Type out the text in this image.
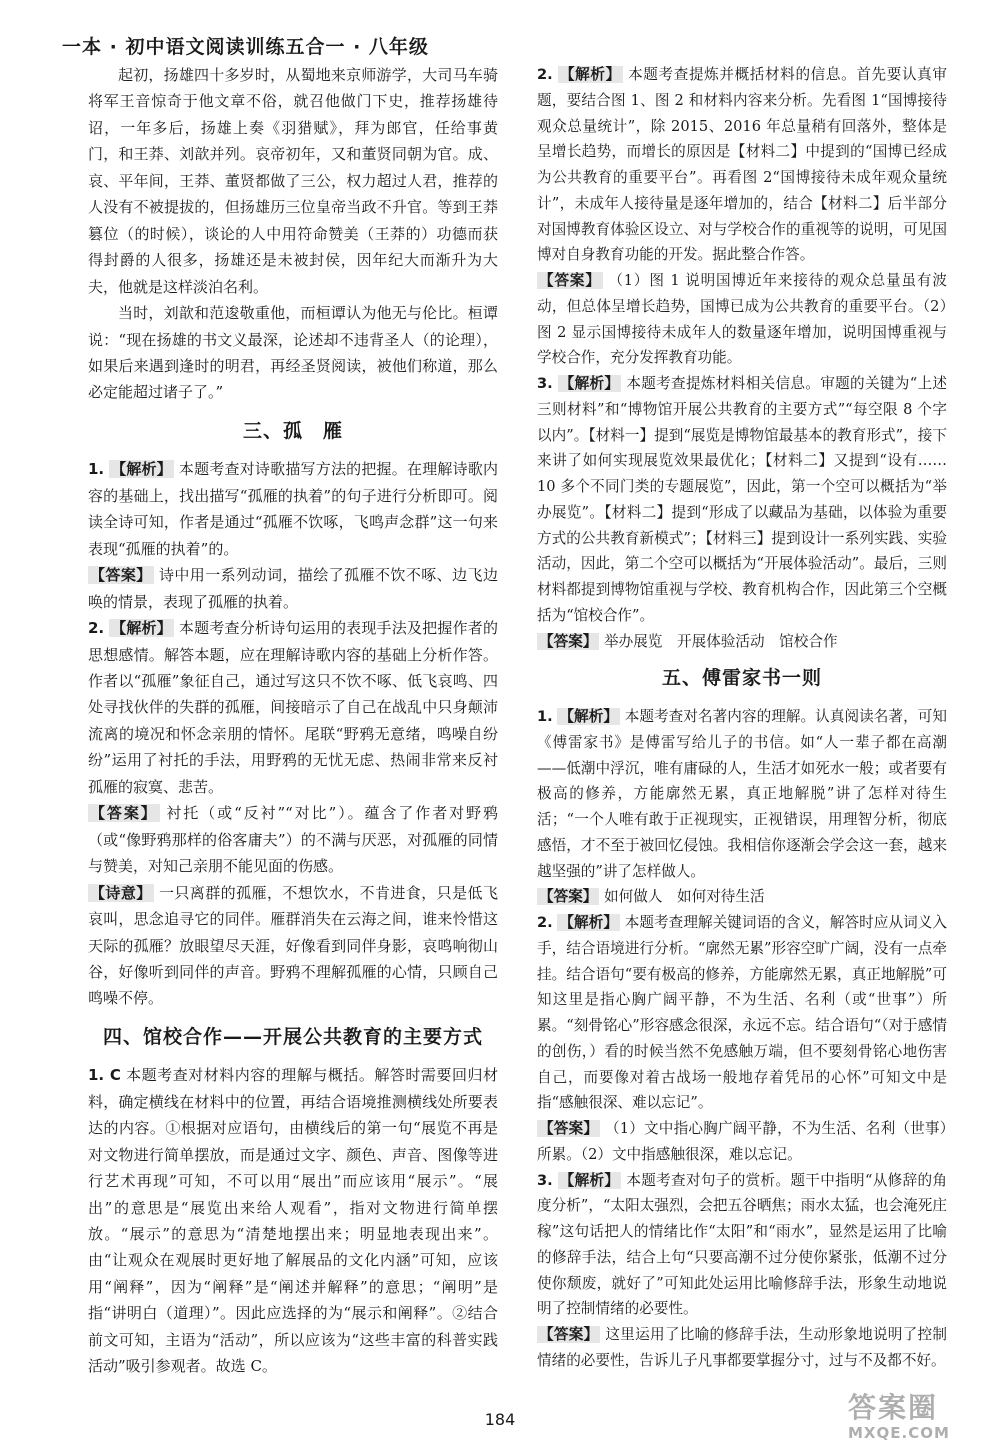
一本 · 初中语文阅读训练五合一 · 八年级

起初，扬雄四十多岁时，从蜀地来京师游学，大司马车骑将军王音惊奇于他文章不俗，就召他做门下史，推荐扬雄待诏，一年多后，扬雄上奏《羽猎赋》，拜为郎官，任给事黄门，和王莽、刘歆并列。哀帝初年，又和董贤同朝为官。成、哀、平年间，王莽、董贤都做了三公，权力超过人君，推荐的人没有不被提拔的，但扬雄历三位皇帝当政不升官。等到王莽篡位（的时候），谈论的人中用符命赞美（王莽的）功德而获得封爵的人很多，扬雄还是未被封侯，因年纪大而渐升为大夫，他就是这样淡泊名利。

当时，刘歆和范逡敬重他，而桓谭认为他无与伦比。桓谭说：“现在扬雄的书文义最深，论述却不违背圣人（的论理），如果后来遇到逢时的明君，再经圣贤阅读，被他们称道，那么必定能超过诸子了。”

三、孤　雁

1. 【解析】 本题考查对诗歌描写方法的把握。在理解诗歌内容的基础上，找出描写“孤雁的执着”的句子进行分析即可。阅读全诗可知，作者是通过“孤雁不饮啄，飞鸣声念群”这一句来表现“孤雁的执着”的。

【答案】 诗中用一系列动词，描绘了孤雁不饮不啄、边飞边唤的情景，表现了孤雁的执着。

2. 【解析】 本题考查分析诗句运用的表现手法及把握作者的思想感情。解答本题，应在理解诗歌内容的基础上分析作答。作者以“孤雁”象征自己，通过写这只不饮不啄、低飞哀鸣、四处寻找伙伴的失群的孤雁，间接暗示了自己在战乱中只身颠沛流离的境况和怀念亲朋的情怀。尾联“野鸦无意绪，鸣噪自纷纷”运用了衬托的手法，用野鸦的无忧无虑、热闹非常来反衬孤雁的寂寞、悲苦。

【答案】 衬托（或“反衬”“对比”）。蕴含了作者对野鸦（或“像野鸦那样的俗客庸夫”）的不满与厌恶，对孤雁的同情与赞美，对知己亲朋不能见面的伤感。

【诗意】 一只离群的孤雁，不想饮水，不肯进食，只是低飞哀叫，思念追寻它的同伴。雁群消失在云海之间，谁来怜惜这天际的孤雁？放眼望尽天涯，好像看到同伴身影，哀鸣响彻山谷，好像听到同伴的声音。野鸦不理解孤雁的心情，只顾自己鸣噪不停。

四、馆校合作——开展公共教育的主要方式

1. C 本题考查对材料内容的理解与概括。解答时需要回归材料，确定横线在材料中的位置，再结合语境推测横线处所要表达的内容。①根据对应语句，由横线后的第一句“展览不再是对文物进行简单摆放，而是通过文字、颜色、声音、图像等进行艺术再现”可知，不可以用“展出”而应该用“展示”。“展出”的意思是“展览出来给人观看”，指对文物进行简单摆放。“展示”的意思为“清楚地摆出来；明显地表现出来”。由“让观众在观展时更好地了解展品的文化内涵”可知，应该用“阐释”，因为“阐释”是“阐述并解释”的意思；“阐明”是指“讲明白（道理）”。因此应选择的为“展示和阐释”。②结合前文可知，主语为“活动”，所以应该为“这些丰富的科普实践活动”吸引参观者。故选 C。

2. 【解析】 本题考查提炼并概括材料的信息。首先要认真审题，要结合图 1、图 2 和材料内容来分析。先看图 1“国博接待观众总量统计”，除 2015、2016 年总量稍有回落外，整体是呈增长趋势，而增长的原因是【材料二】中提到的“国博已经成为公共教育的重要平台”。再看图 2“国博接待未成年观众量统计”，未成年人接待量是逐年增加的，结合【材料二】后半部分对国博教育体验区设立、对与学校合作的重视等的说明，可见国博对自身教育功能的开发。据此整合作答。

【答案】 （1）图 1 说明国博近年来接待的观众总量虽有波动，但总体呈增长趋势，国博已成为公共教育的重要平台。（2）图 2 显示国博接待未成年人的数量逐年增加，说明国博重视与学校合作，充分发挥教育功能。

3. 【解析】 本题考查提炼材料相关信息。审题的关键为“上述三则材料”和“博物馆开展公共教育的主要方式”“每空限 8 个字以内”。【材料一】提到“展览是博物馆最基本的教育形式”，接下来讲了如何实现展览效果最优化；【材料二】又提到“设有……10 多个不同门类的专题展览”，因此，第一个空可以概括为“举办展览”。【材料二】提到“形成了以藏品为基础，以体验为重要方式的公共教育新模式”；【材料三】提到设计一系列实践、实验活动，因此，第二个空可以概括为“开展体验活动”。最后，三则材料都提到博物馆重视与学校、教育机构合作，因此第三个空概括为“馆校合作”。

【答案】 举办展览　开展体验活动　馆校合作

五、傅雷家书一则

1. 【解析】 本题考查对名著内容的理解。认真阅读名著，可知《傅雷家书》是傅雷写给儿子的书信。如“人一辈子都在高潮——低潮中浮沉，唯有庸碌的人，生活才如死水一般；或者要有极高的修养，方能廓然无累，真正地解脱”讲了怎样对待生活；“一个人唯有敢于正视现实，正视错误，用理智分析，彻底感悟，才不至于被回忆侵蚀。我相信你逐渐会学会这一套，越来越坚强的”讲了怎样做人。

【答案】 如何做人　如何对待生活

2. 【解析】 本题考查理解关键词语的含义，解答时应从词义入手，结合语境进行分析。“廓然无累”形容空旷广阔，没有一点牵挂。结合语句“要有极高的修养，方能廓然无累，真正地解脱”可知这里是指心胸广阔平静，不为生活、名利（或“世事”）所累。“刻骨铭心”形容感念很深，永远不忘。结合语句“（对于感情的创伤，）看的时候当然不免感触万端，但不要刻骨铭心地伤害自己，而要像对着古战场一般地存着凭吊的心怀”可知文中是指“感触很深、难以忘记”。

【答案】 （1）文中指心胸广阔平静，不为生活、名利（世事）所累。（2）文中指感触很深，难以忘记。

3. 【解析】 本题考查对句子的赏析。题干中指明“从修辞的角度分析”，“太阳太强烈，会把五谷晒焦；雨水太猛，也会淹死庄稼”这句话把人的情绪比作“太阳”和“雨水”，显然是运用了比喻的修辞手法，结合上句“只要高潮不过分使你紧张，低潮不过分使你颓废，就好了”可知此处运用比喻修辞手法，形象生动地说明了控制情绪的必要性。

【答案】 这里运用了比喻的修辞手法，生动形象地说明了控制情绪的必要性，告诉儿子凡事都要掌握分寸，过与不及都不好。

184	答案圈
MXQE.COM
